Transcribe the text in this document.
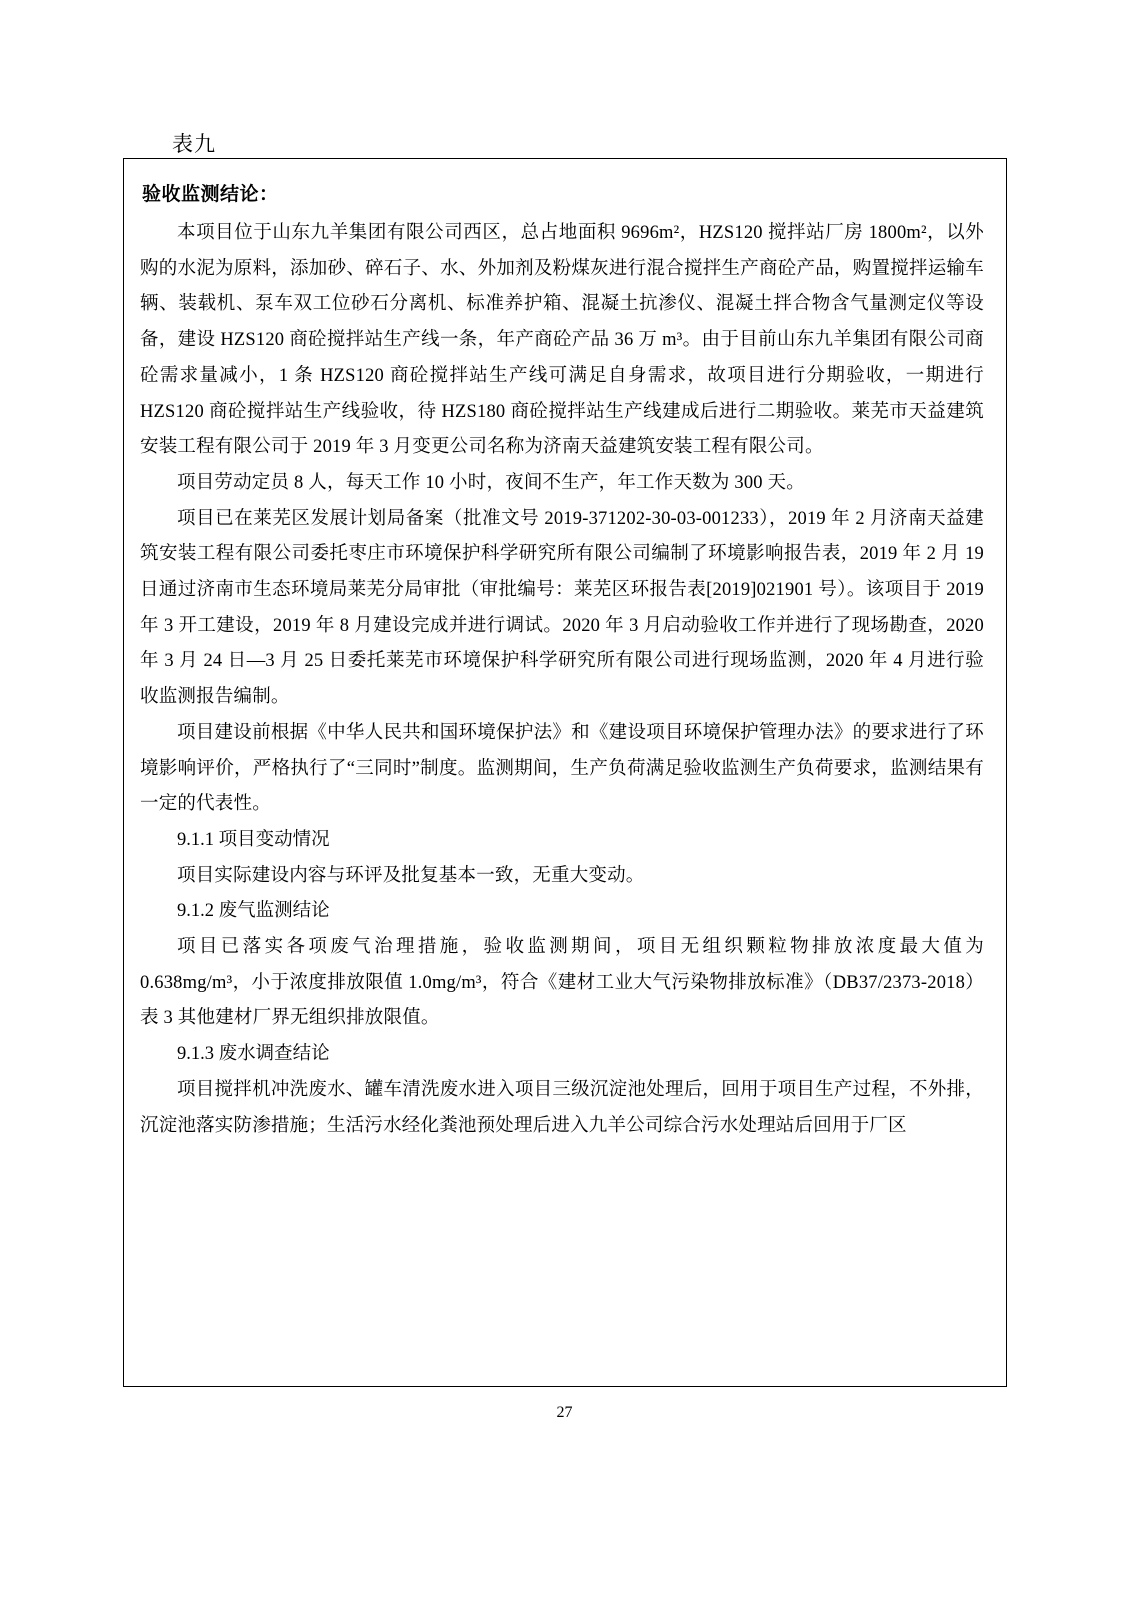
表九
验收监测结论：

本项目位于山东九羊集团有限公司西区，总占地面积 9696m²，HZS120 搅拌站厂房 1800m²，以外购的水泥为原料，添加砂、碎石子、水、外加剂及粉煤灰进行混合搅拌生产商砼产品，购置搅拌运输车辆、装载机、泵车双工位砂石分离机、标准养护箱、混凝土抗渗仪、混凝土拌合物含气量测定仪等设备，建设 HZS120 商砼搅拌站生产线一条，年产商砼产品 36 万 m³。由于目前山东九羊集团有限公司商砼需求量减小，1 条 HZS120 商砼搅拌站生产线可满足自身需求，故项目进行分期验收，一期进行 HZS120 商砼搅拌站生产线验收，待 HZS180 商砼搅拌站生产线建成后进行二期验收。莱芜市天益建筑安装工程有限公司于 2019 年 3 月变更公司名称为济南天益建筑安装工程有限公司。

项目劳动定员 8 人，每天工作 10 小时，夜间不生产，年工作天数为 300 天。

项目已在莱芜区发展计划局备案（批准文号 2019-371202-30-03-001233），2019 年 2 月济南天益建筑安装工程有限公司委托枣庄市环境保护科学研究所有限公司编制了环境影响报告表，2019 年 2 月 19 日通过济南市生态环境局莱芜分局审批（审批编号：莱芜区环报告表[2019]021901 号）。该项目于 2019 年 3 开工建设，2019 年 8 月建设完成并进行调试。2020 年 3 月启动验收工作并进行了现场勘查，2020 年 3 月 24 日—3 月 25 日委托莱芜市环境保护科学研究所有限公司进行现场监测，2020 年 4 月进行验收监测报告编制。

项目建设前根据《中华人民共和国环境保护法》和《建设项目环境保护管理办法》的要求进行了环境影响评价，严格执行了“三同时”制度。监测期间，生产负荷满足验收监测生产负荷要求，监测结果有一定的代表性。

9.1.1 项目变动情况

项目实际建设内容与环评及批复基本一致，无重大变动。

9.1.2 废气监测结论

项目已落实各项废气治理措施，验收监测期间，项目无组织颗粒物排放浓度最大值为 0.638mg/m³，小于浓度排放限值 1.0mg/m³，符合《建材工业大气污染物排放标准》（DB37/2373-2018）表 3 其他建材厂界无组织排放限值。

9.1.3 废水调查结论

项目搅拌机冲洗废水、罐车清洗废水进入项目三级沉淀池处理后，回用于项目生产过程，不外排，沉淀池落实防渗措施；生活污水经化粪池预处理后进入九羊公司综合污水处理站后回用于厂区

27
